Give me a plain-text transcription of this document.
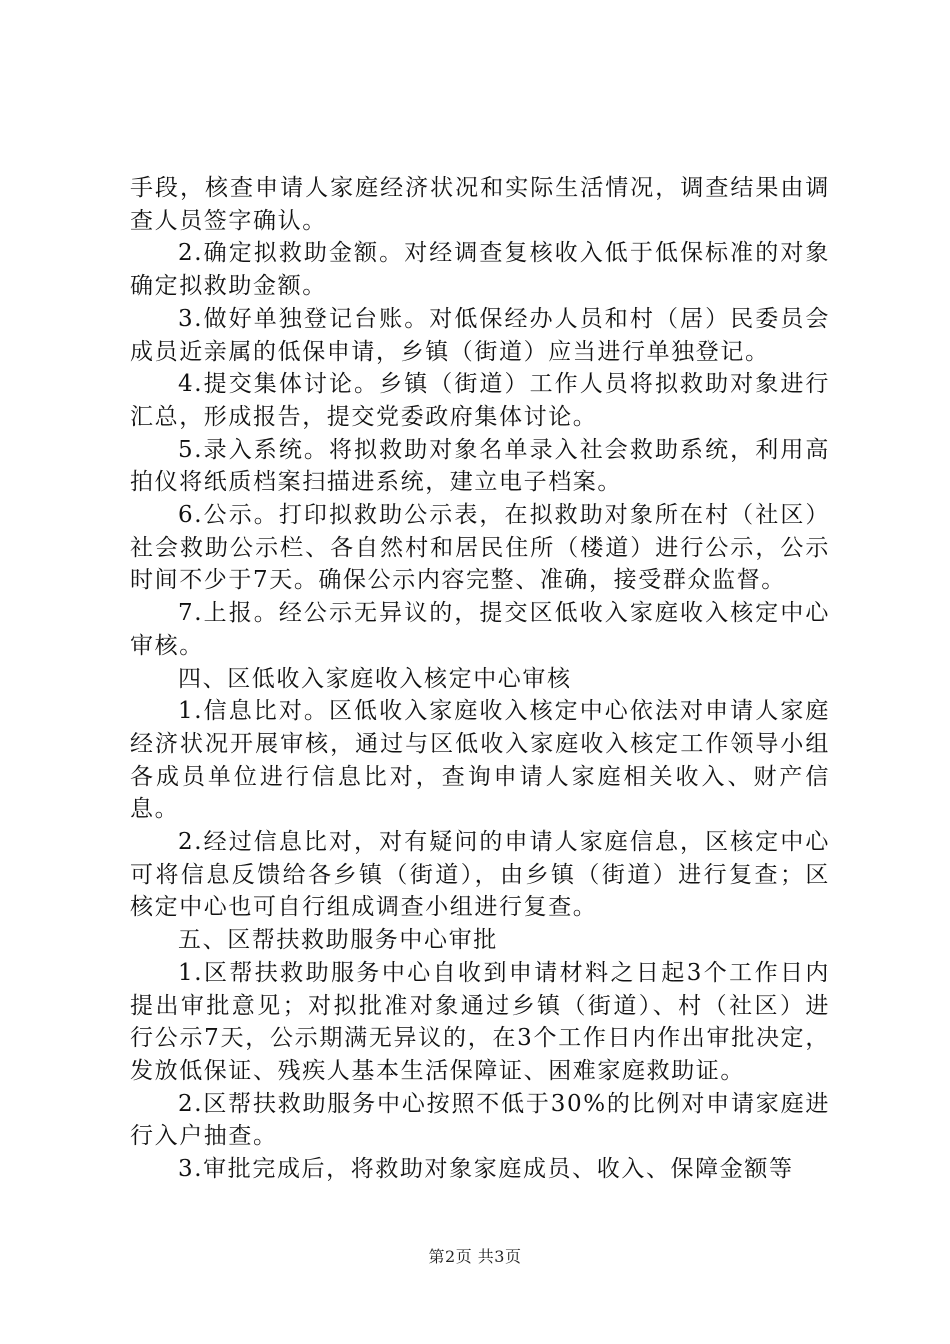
手段，核查申请人家庭经济状况和实际生活情况，调查结果由调查人员签字确认。

2.确定拟救助金额。对经调查复核收入低于低保标准的对象确定拟救助金额。

3.做好单独登记台账。对低保经办人员和村（居）民委员会成员近亲属的低保申请，乡镇（街道）应当进行单独登记。

4.提交集体讨论。乡镇（街道）工作人员将拟救助对象进行汇总，形成报告，提交党委政府集体讨论。

5.录入系统。将拟救助对象名单录入社会救助系统，利用高拍仪将纸质档案扫描进系统，建立电子档案。

6.公示。打印拟救助公示表，在拟救助对象所在村（社区）社会救助公示栏、各自然村和居民住所（楼道）进行公示，公示时间不少于7天。确保公示内容完整、准确，接受群众监督。

7.上报。经公示无异议的，提交区低收入家庭收入核定中心审核。

四、区低收入家庭收入核定中心审核

1.信息比对。区低收入家庭收入核定中心依法对申请人家庭经济状况开展审核，通过与区低收入家庭收入核定工作领导小组各成员单位进行信息比对，查询申请人家庭相关收入、财产信息。

2.经过信息比对，对有疑问的申请人家庭信息，区核定中心可将信息反馈给各乡镇（街道），由乡镇（街道）进行复查；区核定中心也可自行组成调查小组进行复查。

五、区帮扶救助服务中心审批

1.区帮扶救助服务中心自收到申请材料之日起3个工作日内提出审批意见；对拟批准对象通过乡镇（街道）、村（社区）进行公示7天，公示期满无异议的，在3个工作日内作出审批决定，发放低保证、残疾人基本生活保障证、困难家庭救助证。

2.区帮扶救助服务中心按照不低于30%的比例对申请家庭进行入户抽查。

3.审批完成后，将救助对象家庭成员、收入、保障金额等

第2页 共3页
